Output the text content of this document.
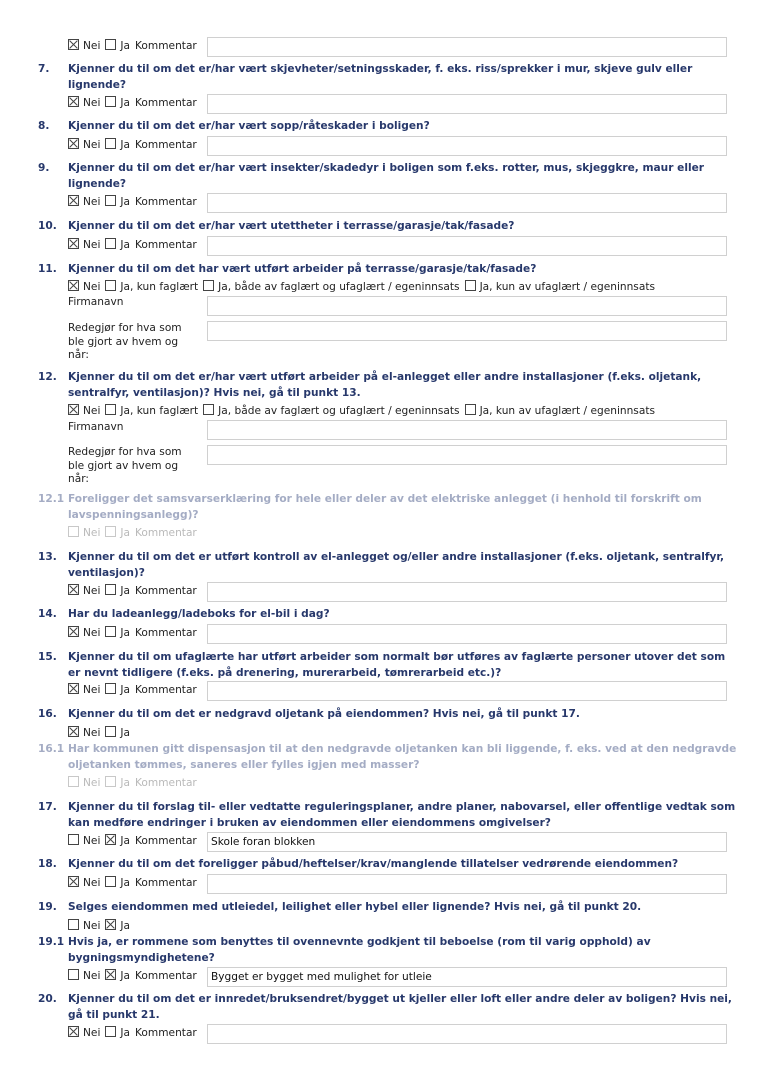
Nei Ja Kommentar
7.	Kjenner du til om det er/har vært skjevheter/setningsskader, f. eks. riss/sprekker i mur, skjeve gulv eller lignende?
Nei Ja Kommentar
8.	Kjenner du til om det er/har vært sopp/råteskader i boligen?
Nei Ja Kommentar
9.	Kjenner du til om det er/har vært insekter/skadedyr i boligen som f.eks. rotter, mus, skjeggkre, maur eller lignende?
Nei Ja Kommentar
10.	Kjenner du til om det er/har vært utettheter i terrasse/garasje/tak/fasade?
Nei Ja Kommentar
11.	Kjenner du til om det har vært utført arbeider på terrasse/garasje/tak/fasade?
Nei Ja, kun faglært Ja, både av faglært og ufaglært / egeninnsats Ja, kun av ufaglært / egeninnsats
Firmanavn
Redegjør for hva som ble gjort av hvem og når:
12.	Kjenner du til om det er/har vært utført arbeider på el-anlegget eller andre installasjoner (f.eks. oljetank, sentralfyr, ventilasjon)? Hvis nei, gå til punkt 13.
Nei Ja, kun faglært Ja, både av faglært og ufaglært / egeninnsats Ja, kun av ufaglært / egeninnsats
Firmanavn
Redegjør for hva som ble gjort av hvem og når:
12.1 Foreligger det samsvarserklæring for hele eller deler av det elektriske anlegget (i henhold til forskrift om lavspenningsanlegg)?
Nei Ja Kommentar
13.	Kjenner du til om det er utført kontroll av el-anlegget og/eller andre installasjoner (f.eks. oljetank, sentralfyr, ventilasjon)?
Nei Ja Kommentar
14.	Har du ladeanlegg/ladeboks for el-bil i dag?
Nei Ja Kommentar
15.	Kjenner du til om ufaglærte har utført arbeider som normalt bør utføres av faglærte personer utover det som er nevnt tidligere (f.eks. på drenering, murerarbeid, tømrerarbeid etc.)?
Nei Ja Kommentar
16.	Kjenner du til om det er nedgravd oljetank på eiendommen? Hvis nei, gå til punkt 17.
Nei Ja
16.1 Har kommunen gitt dispensasjon til at den nedgravde oljetanken kan bli liggende, f. eks. ved at den nedgravde oljetanken tømmes, saneres eller fylles igjen med masser?
Nei Ja Kommentar
17.	Kjenner du til forslag til- eller vedtatte reguleringsplaner, andre planer, nabovarsel, eller offentlige vedtak som kan medføre endringer i bruken av eiendommen eller eiendommens omgivelser?
Nei Ja Kommentar	Skole foran blokken
18.	Kjenner du til om det foreligger påbud/heftelser/krav/manglende tillatelser vedrørende eiendommen?
Nei Ja Kommentar
19.	Selges eiendommen med utleiedel, leilighet eller hybel eller lignende? Hvis nei, gå til punkt 20.
Nei Ja
19.1 Hvis ja, er rommene som benyttes til ovennevnte godkjent til beboelse (rom til varig opphold) av bygningsmyndighetene?
Nei Ja Kommentar	Bygget er bygget med mulighet for utleie
20.	Kjenner du til om det er innredet/bruksendret/bygget ut kjeller eller loft eller andre deler av boligen? Hvis nei, gå til punkt 21.
Nei Ja Kommentar
